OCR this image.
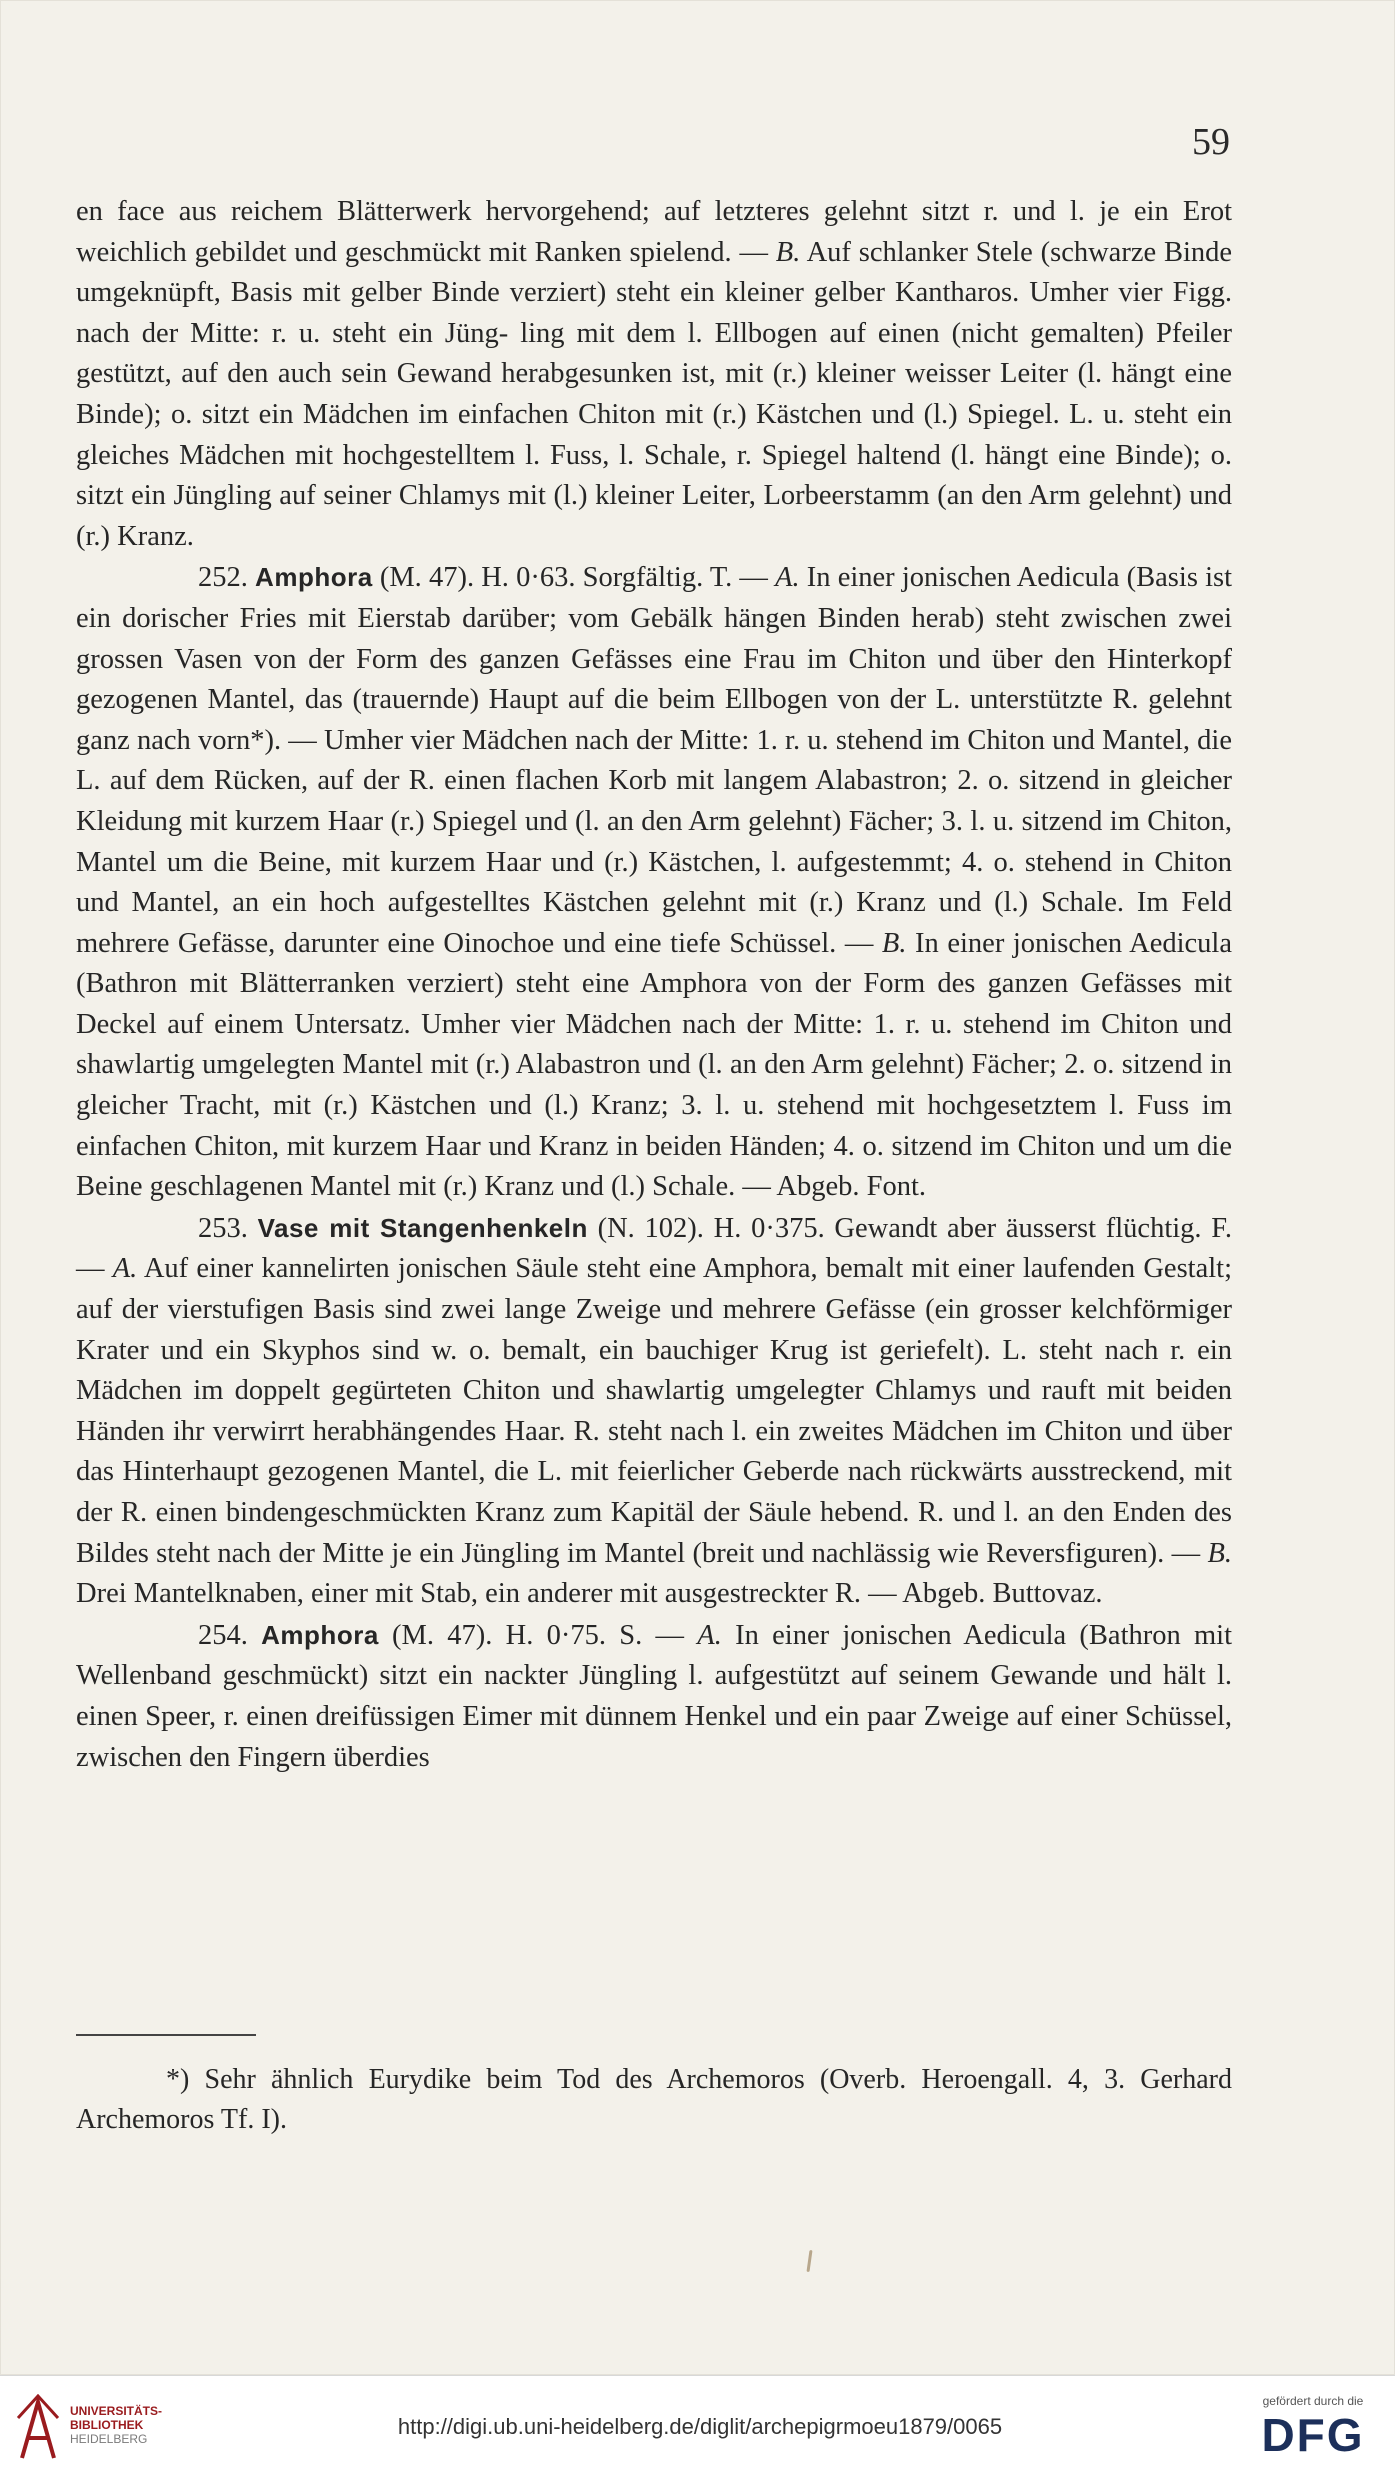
59

en face aus reichem Blätterwerk hervorgehend; auf letzteres gelehnt sitzt r. und l. je ein Erot weichlich gebildet und geschmückt mit Ranken spielend. — B. Auf schlanker Stele (schwarze Binde umgeknüpft, Basis mit gelber Binde verziert) steht ein kleiner gelber Kantharos. Umher vier Figg. nach der Mitte: r. u. steht ein Jüng- ling mit dem l. Ellbogen auf einen (nicht gemalten) Pfeiler gestützt, auf den auch sein Gewand herabgesunken ist, mit (r.) kleiner weisser Leiter (l. hängt eine Binde); o. sitzt ein Mädchen im einfachen Chiton mit (r.) Kästchen und (l.) Spiegel. L. u. steht ein gleiches Mädchen mit hochgestelltem l. Fuss, l. Schale, r. Spiegel haltend (l. hängt eine Binde); o. sitzt ein Jüngling auf seiner Chlamys mit (l.) kleiner Leiter, Lorbeerstamm (an den Arm gelehnt) und (r.) Kranz.

252. Amphora (M. 47). H. 0·63. Sorgfältig. T. — A. In einer jonischen Aedicula (Basis ist ein dorischer Fries mit Eierstab darüber; vom Gebälk hängen Binden herab) steht zwischen zwei grossen Vasen von der Form des ganzen Gefässes eine Frau im Chiton und über den Hinterkopf gezogenen Mantel, das (trauernde) Haupt auf die beim Ellbogen von der L. unterstützte R. gelehnt ganz nach vorn*). — Umher vier Mädchen nach der Mitte: 1. r. u. stehend im Chiton und Mantel, die L. auf dem Rücken, auf der R. einen flachen Korb mit langem Alabastron; 2. o. sitzend in gleicher Kleidung mit kurzem Haar (r.) Spiegel und (l. an den Arm gelehnt) Fächer; 3. l. u. sitzend im Chiton, Mantel um die Beine, mit kurzem Haar und (r.) Kästchen, l. aufgestemmt; 4. o. stehend in Chiton und Mantel, an ein hoch aufgestelltes Kästchen gelehnt mit (r.) Kranz und (l.) Schale. Im Feld mehrere Gefässe, darunter eine Oinochoe und eine tiefe Schüssel. — B. In einer jonischen Aedicula (Bathron mit Blätterranken verziert) steht eine Amphora von der Form des ganzen Gefässes mit Deckel auf einem Untersatz. Umher vier Mädchen nach der Mitte: 1. r. u. stehend im Chiton und shawlartig umgelegten Mantel mit (r.) Alabastron und (l. an den Arm gelehnt) Fächer; 2. o. sitzend in gleicher Tracht, mit (r.) Kästchen und (l.) Kranz; 3. l. u. stehend mit hochgesetztem l. Fuss im einfachen Chiton, mit kurzem Haar und Kranz in beiden Händen; 4. o. sitzend im Chiton und um die Beine geschlagenen Mantel mit (r.) Kranz und (l.) Schale. — Abgeb. Font.

253. Vase mit Stangenhenkeln (N. 102). H. 0·375. Gewandt aber äusserst flüchtig. F. — A. Auf einer kannelirten jonischen Säule steht eine Amphora, bemalt mit einer laufenden Gestalt; auf der vierstufigen Basis sind zwei lange Zweige und mehrere Gefässe (ein grosser kelchförmiger Krater und ein Skyphos sind w. o. bemalt, ein bauchiger Krug ist geriefelt). L. steht nach r. ein Mädchen im doppelt gegürteten Chiton und shawlartig umgelegter Chlamys und rauft mit beiden Händen ihr verwirrt herabhängendes Haar. R. steht nach l. ein zweites Mädchen im Chiton und über das Hinterhaupt gezogenen Mantel, die L. mit feierlicher Geberde nach rückwärts ausstreckend, mit der R. einen bindengeschmückten Kranz zum Kapitäl der Säule hebend. R. und l. an den Enden des Bildes steht nach der Mitte je ein Jüngling im Mantel (breit und nachlässig wie Reversfiguren). — B. Drei Mantelknaben, einer mit Stab, ein anderer mit ausgestreckter R. — Abgeb. Buttovaz.

254. Amphora (M. 47). H. 0·75. S. — A. In einer jonischen Aedicula (Bathron mit Wellenband geschmückt) sitzt ein nackter Jüngling l. aufgestützt auf seinem Gewande und hält l. einen Speer, r. einen dreifüssigen Eimer mit dünnem Henkel und ein paar Zweige auf einer Schüssel, zwischen den Fingern überdies

*) Sehr ähnlich Eurydike beim Tod des Archemoros (Overb. Heroengall. 4, 3. Gerhard Archemoros Tf. I).

UNIVERSITÄTS-
BIBLIOTHEK
HEIDELBERG	http://digi.ub.uni-heidelberg.de/diglit/archepigrmoeu1879/0065
gefördert durch die
DFG
